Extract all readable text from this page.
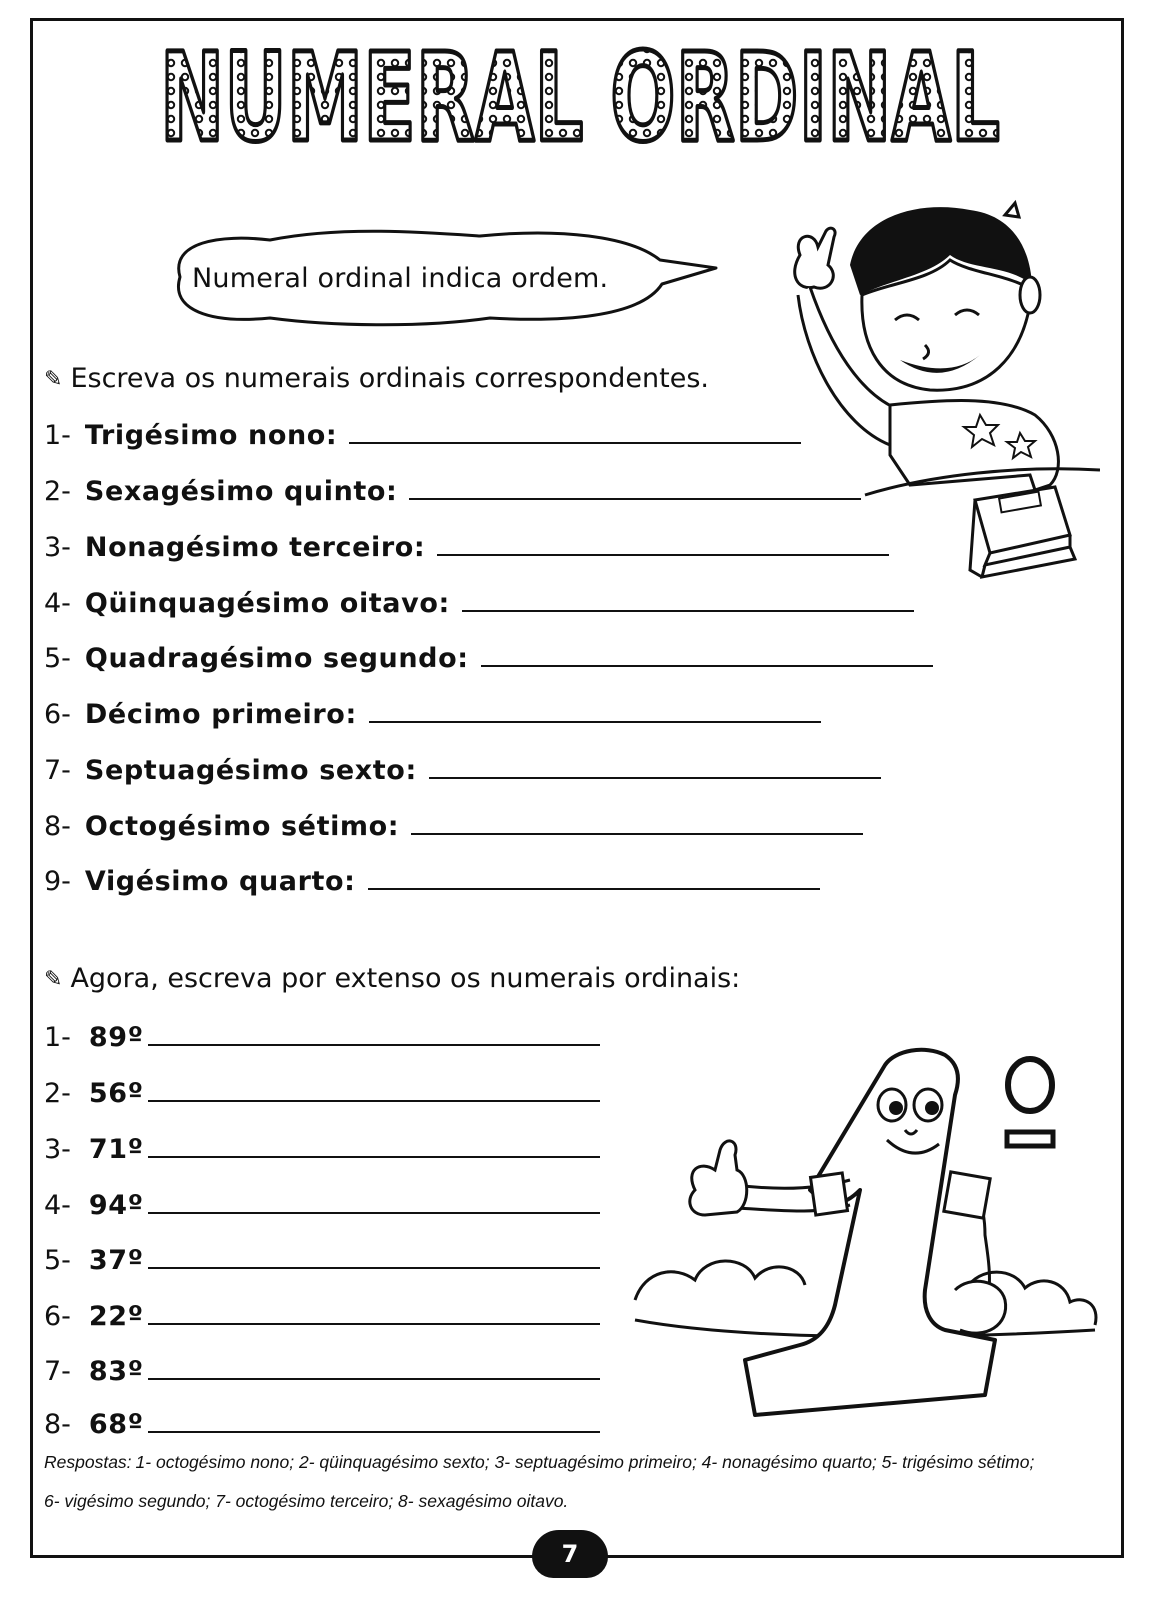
NUMERAL ORDINAL
Numeral ordinal indica ordem.
✎ Escreva os numerais ordinais correspondentes.
1- Trigésimo nono:
2- Sexagésimo quinto:
3- Nonagésimo terceiro:
4- Qüinquagésimo oitavo:
5- Quadragésimo segundo:
6- Décimo primeiro:
7- Septuagésimo sexto:
8- Octogésimo sétimo:
9- Vigésimo quarto:
✎ Agora, escreva por extenso os numerais ordinais:
1- 89º
2- 56º
3- 71º
4- 94º
5- 37º
6- 22º
7- 83º
8- 68º
Respostas: 1- octogésimo nono; 2- qüinquagésimo sexto; 3- septuagésimo primeiro; 4- nonagésimo quarto; 5- trigésimo sétimo; 6- vigésimo segundo; 7- octogésimo terceiro; 8- sexagésimo oitavo.
7
